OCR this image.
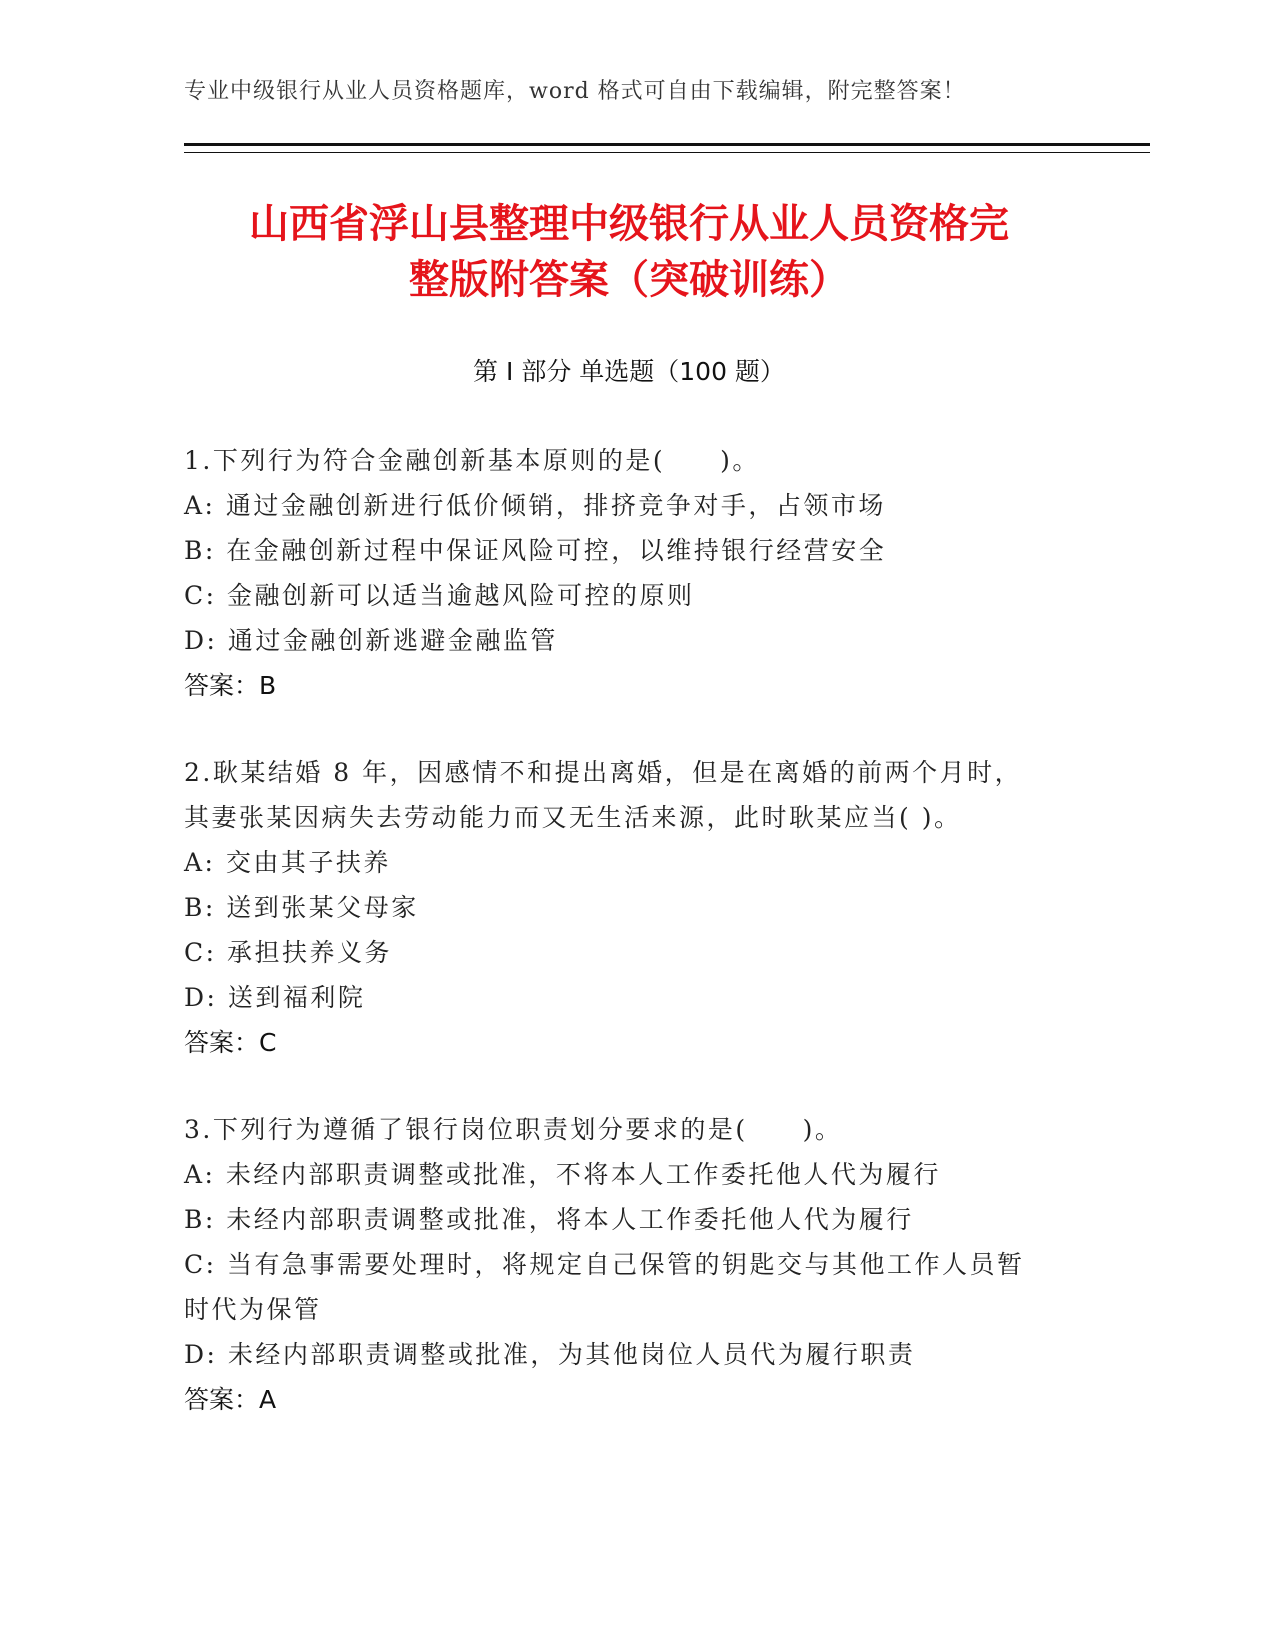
专业中级银行从业人员资格题库，word 格式可自由下载编辑，附完整答案！
山西省浮山县整理中级银行从业人员资格完
整版附答案（突破训练）
第 I 部分 单选题（100 题）
1.下列行为符合金融创新基本原则的是(　　)。
A: 通过金融创新进行低价倾销，排挤竞争对手，占领市场
B: 在金融创新过程中保证风险可控，以维持银行经营安全
C: 金融创新可以适当逾越风险可控的原则
D: 通过金融创新逃避金融监管
答案：B
2.耿某结婚 8 年，因感情不和提出离婚，但是在离婚的前两个月时，
其妻张某因病失去劳动能力而又无生活来源，此时耿某应当( )。
A: 交由其子扶养
B: 送到张某父母家
C: 承担扶养义务
D: 送到福利院
答案：C
3.下列行为遵循了银行岗位职责划分要求的是(　　)。
A: 未经内部职责调整或批准，不将本人工作委托他人代为履行
B: 未经内部职责调整或批准，将本人工作委托他人代为履行
C: 当有急事需要处理时，将规定自己保管的钥匙交与其他工作人员暂
时代为保管
D: 未经内部职责调整或批准，为其他岗位人员代为履行职责
答案：A
